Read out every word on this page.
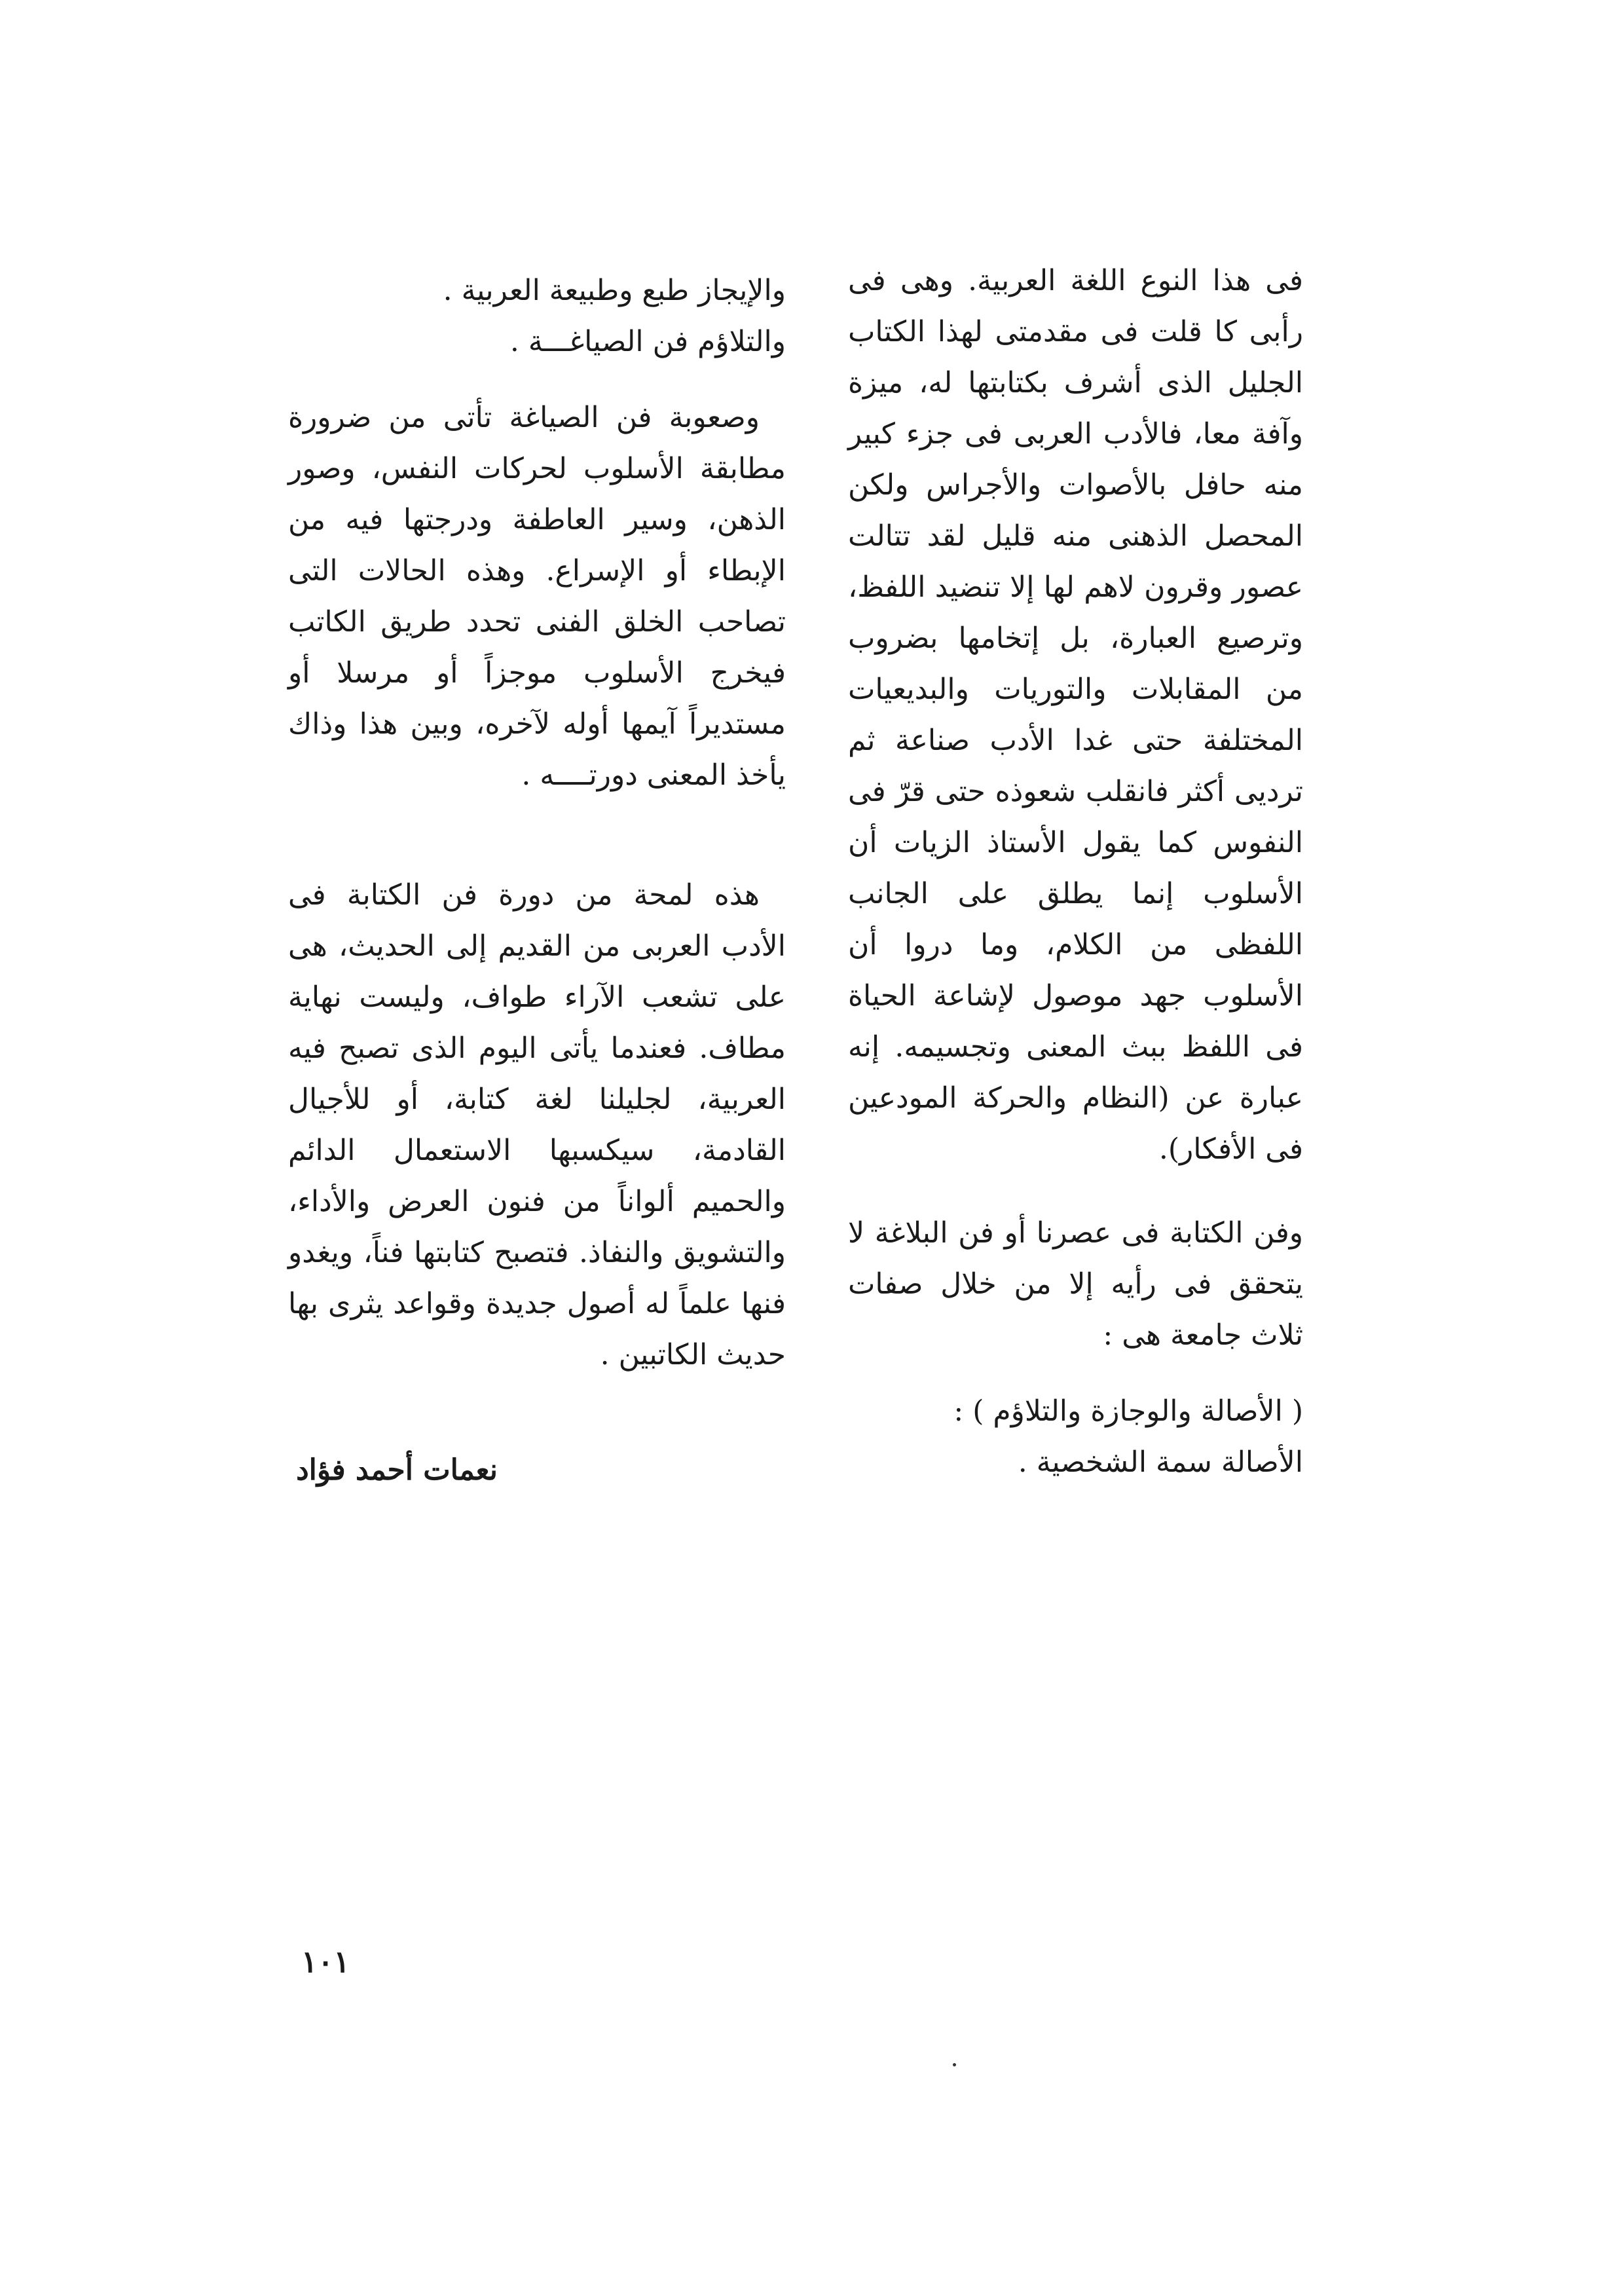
فى هذا النوع اللغة العربية. وهى فى رأبى كا قلت فى مقدمتى لهذا الكتاب الجليل الذى أشرف بكتابتها له، ميزة وآفة معا، فالأدب العربى فى جزء كبير منه حافل بالأصوات والأجراس ولكن المحصل الذهنى منه قليل لقد تتالت عصور وقرون لاهم لها إلا تنضيد اللفظ، وترصيع العبارة، بل إتخامها بضروب من المقابلات والتوريات والبديعيات المختلفة حتى غدا الأدب صناعة ثم ترديى أكثر فانقلب شعوذه حتى قرّ فى النفوس كما يقول الأستاذ الزيات أن الأسلوب إنما يطلق على الجانب اللفظى من الكلام، وما دروا أن الأسلوب جهد موصول لإشاعة الحياة فى اللفظ ببث المعنى وتجسيمه. إنه عبارة عن (النظام والحركة المودعين فى الأفكار).

وفن الكتابة فى عصرنا أو فن البلاغة لا يتحقق فى رأيه إلا من خلال صفات ثلاث جامعة هى :

( الأصالة والوجازة والتلاؤم ) :

الأصالة سمة الشخصية .

والإيجاز طبع وطبيعة العربية .

والتلاؤم فن الصياغـــة .

وصعوبة فن الصياغة تأتى من ضرورة مطابقة الأسلوب لحركات النفس، وصور الذهن، وسير العاطفة ودرجتها فيه من الإبطاء أو الإسراع. وهذه الحالات التى تصاحب الخلق الفنى تحدد طريق الكاتب فيخرج الأسلوب موجزاً أو مرسلا أو مستديراً آيمها أوله لآخره، وبين هذا وذاك يأخذ المعنى دورتــــه .

هذه لمحة من دورة فن الكتابة فى الأدب العربى من القديم إلى الحديث، هى على تشعب الآراء طواف، وليست نهاية مطاف. فعندما يأتى اليوم الذى تصبح فيه العربية، لجليلنا لغة كتابة، أو للأجيال القادمة، سيكسبها الاستعمال الدائم والحميم ألواناً من فنون العرض والأداء، والتشويق والنفاذ. فتصبح كتابتها فناً، ويغدو فنها علماً له أصول جديدة وقواعد يثرى بها حديث الكاتبين .

نعمات أحمد فؤاد
١٠١
